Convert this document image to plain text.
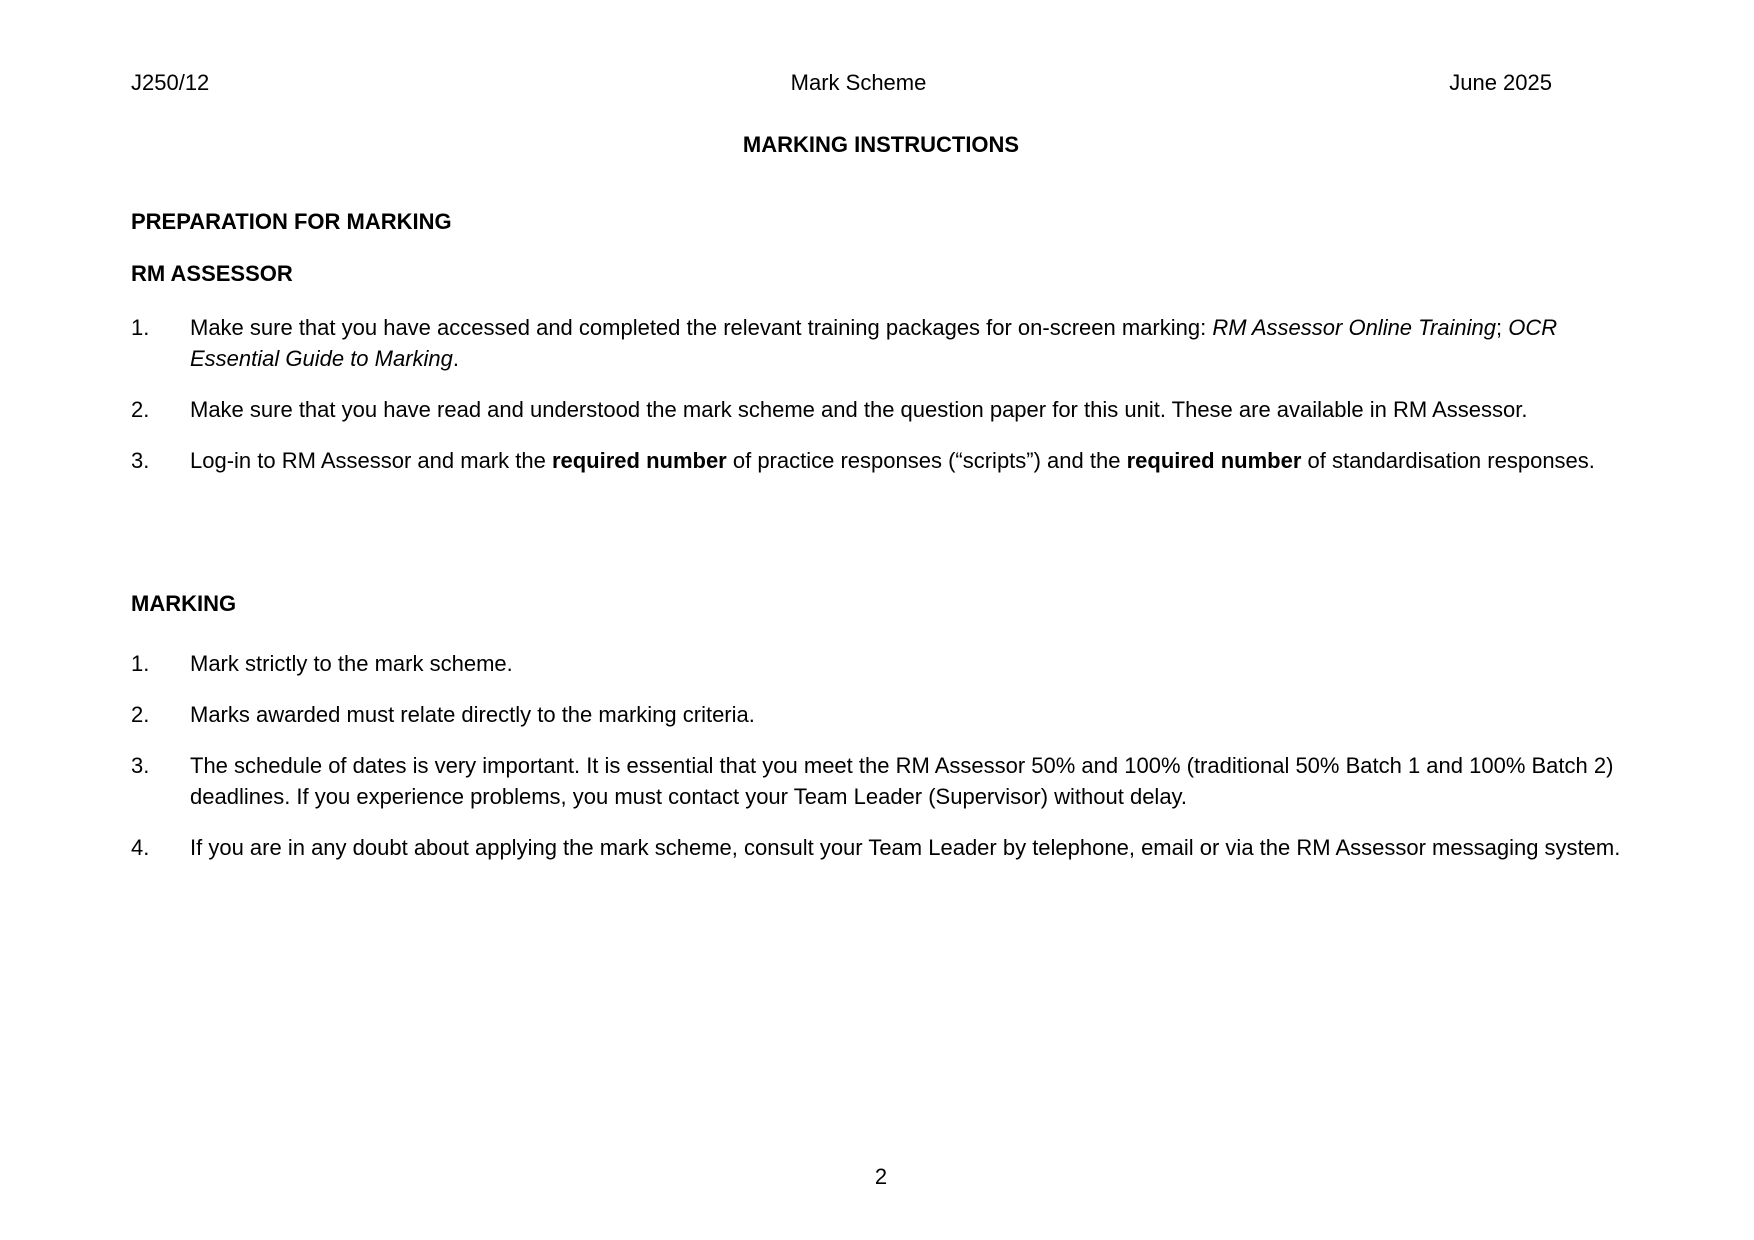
J250/12	Mark Scheme	June 2025
MARKING INSTRUCTIONS
PREPARATION FOR MARKING
RM ASSESSOR
1.	Make sure that you have accessed and completed the relevant training packages for on-screen marking: RM Assessor Online Training; OCR Essential Guide to Marking.
2.	Make sure that you have read and understood the mark scheme and the question paper for this unit. These are available in RM Assessor.
3.	Log-in to RM Assessor and mark the required number of practice responses (“scripts”) and the required number of standardisation responses.
MARKING
1.	Mark strictly to the mark scheme.
2.	Marks awarded must relate directly to the marking criteria.
3.	The schedule of dates is very important. It is essential that you meet the RM Assessor 50% and 100% (traditional 50% Batch 1 and 100% Batch 2) deadlines. If you experience problems, you must contact your Team Leader (Supervisor) without delay.
4.	If you are in any doubt about applying the mark scheme, consult your Team Leader by telephone, email or via the RM Assessor messaging system.
2
